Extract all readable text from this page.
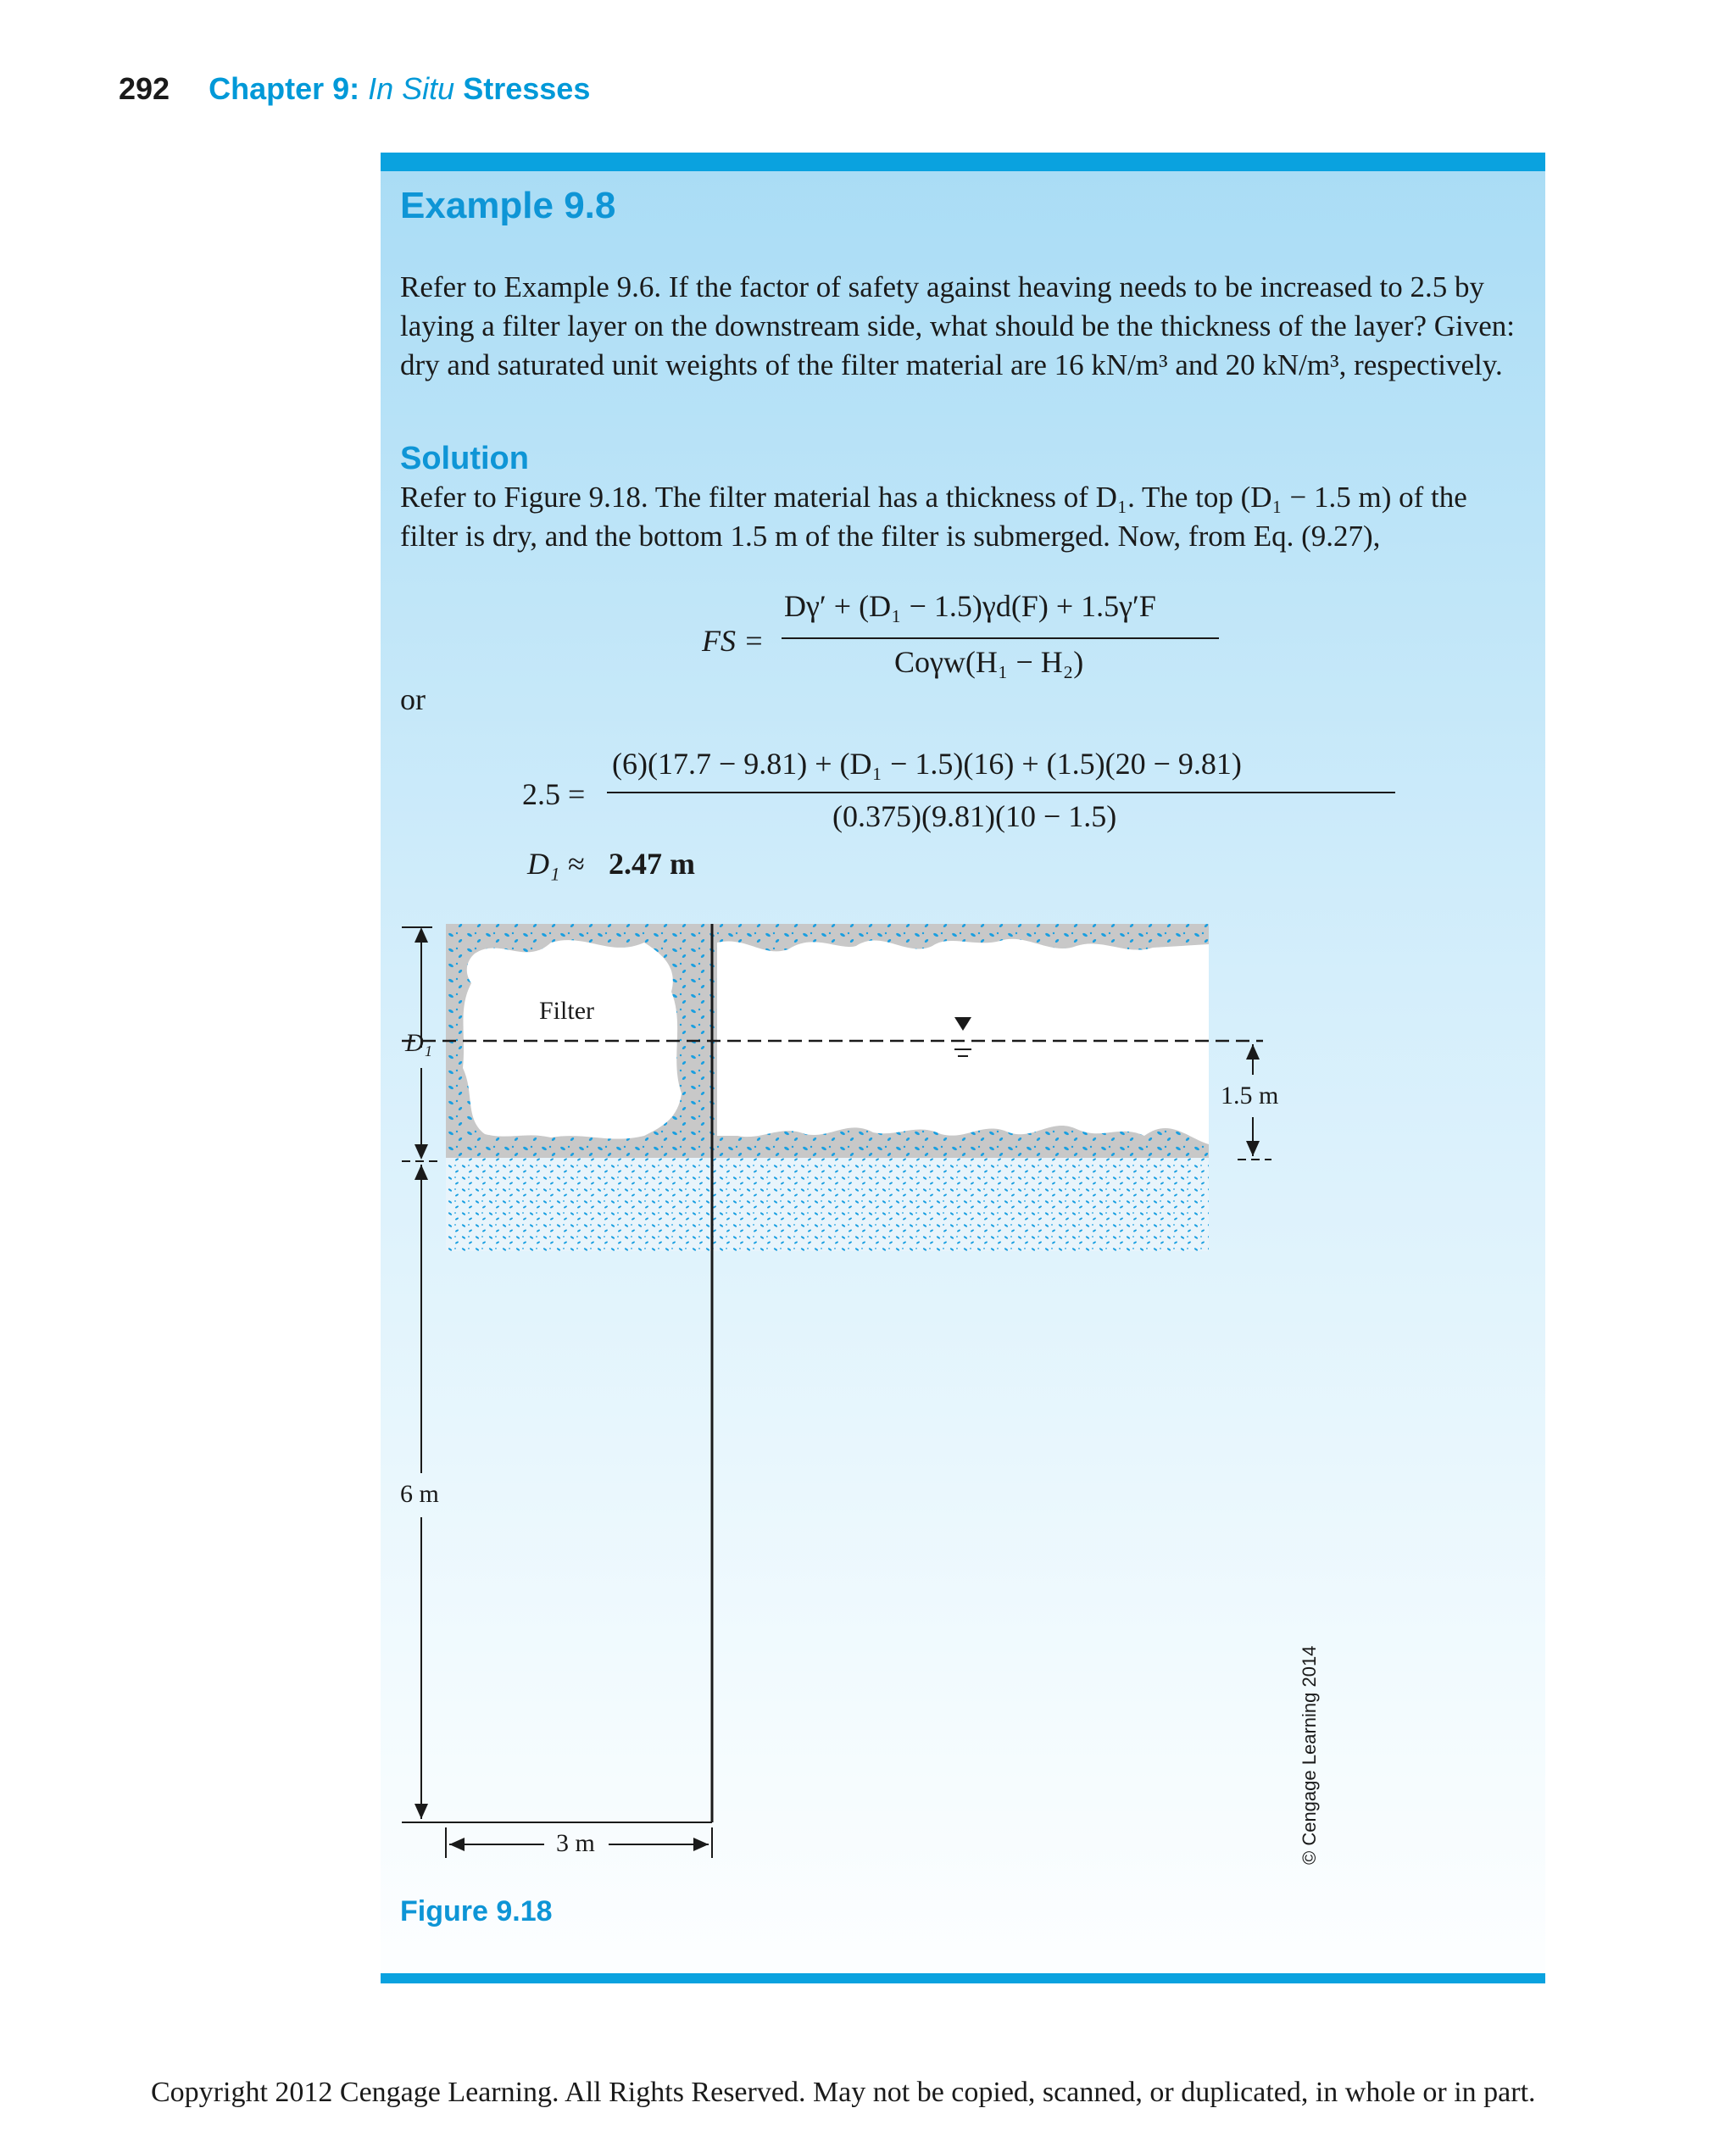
292 Chapter 9: In Situ Stresses
Example 9.8
Refer to Example 9.6. If the factor of safety against heaving needs to be increased to 2.5 by laying a filter layer on the downstream side, what should be the thickness of the layer? Given: dry and saturated unit weights of the filter material are 16 kN/m³ and 20 kN/m³, respectively.
Solution
Refer to Figure 9.18. The filter material has a thickness of D₁. The top (D₁ − 1.5 m) of the filter is dry, and the bottom 1.5 m of the filter is submerged. Now, from Eq. (9.27),
FS =
Dγ′ + (D₁ − 1.5)γd(F) + 1.5γ′F
Coγw(H₁ − H₂)
or
2.5 =
(6)(17.7 − 9.81) + (D₁ − 1.5)(16) + (1.5)(20 − 9.81)
(0.375)(9.81)(10 − 1.5)
D₁ ≈ 2.47 m
Filter
D₁
1.5 m
6 m
3 m	© Cengage Learning 2014
Figure 9.18
Copyright 2012 Cengage Learning. All Rights Reserved. May not be copied, scanned, or duplicated, in whole or in part.
